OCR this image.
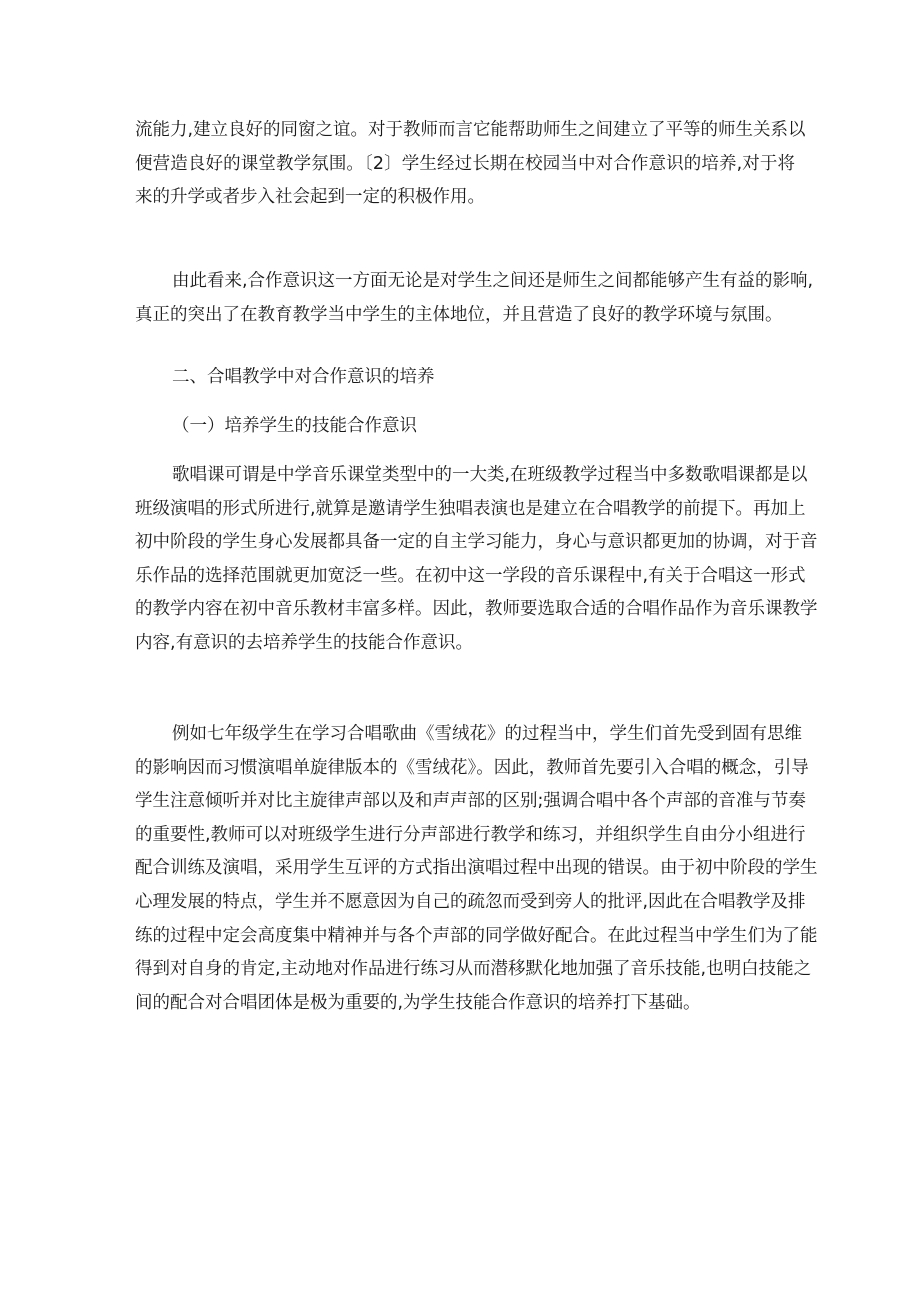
流能力,建立良好的同窗之谊。对于教师而言它能帮助师生之间建立了平等的师生关系以
便营造良好的课堂教学氛围。〔2〕学生经过长期在校园当中对合作意识的培养,对于将
来的升学或者步入社会起到一定的积极作用。
由此看来,合作意识这一方面无论是对学生之间还是师生之间都能够产生有益的影响,
真正的突出了在教育教学当中学生的主体地位，并且营造了良好的教学环境与氛围。
二、合唱教学中对合作意识的培养
（一）培养学生的技能合作意识
歌唱课可谓是中学音乐课堂类型中的一大类,在班级教学过程当中多数歌唱课都是以
班级演唱的形式所进行,就算是邀请学生独唱表演也是建立在合唱教学的前提下。再加上
初中阶段的学生身心发展都具备一定的自主学习能力，身心与意识都更加的协调，对于音
乐作品的选择范围就更加宽泛一些。在初中这一学段的音乐课程中,有关于合唱这一形式
的教学内容在初中音乐教材丰富多样。因此，教师要选取合适的合唱作品作为音乐课教学
内容,有意识的去培养学生的技能合作意识。
例如七年级学生在学习合唱歌曲《雪绒花》的过程当中，学生们首先受到固有思维
的影响因而习惯演唱单旋律版本的《雪绒花》。因此，教师首先要引入合唱的概念，引导
学生注意倾听并对比主旋律声部以及和声声部的区别;强调合唱中各个声部的音准与节奏
的重要性,教师可以对班级学生进行分声部进行教学和练习，并组织学生自由分小组进行
配合训练及演唱，采用学生互评的方式指出演唱过程中出现的错误。由于初中阶段的学生
心理发展的特点，学生并不愿意因为自己的疏忽而受到旁人的批评,因此在合唱教学及排
练的过程中定会高度集中精神并与各个声部的同学做好配合。在此过程当中学生们为了能
得到对自身的肯定,主动地对作品进行练习从而潜移默化地加强了音乐技能,也明白技能之
间的配合对合唱团体是极为重要的,为学生技能合作意识的培养打下基础。
